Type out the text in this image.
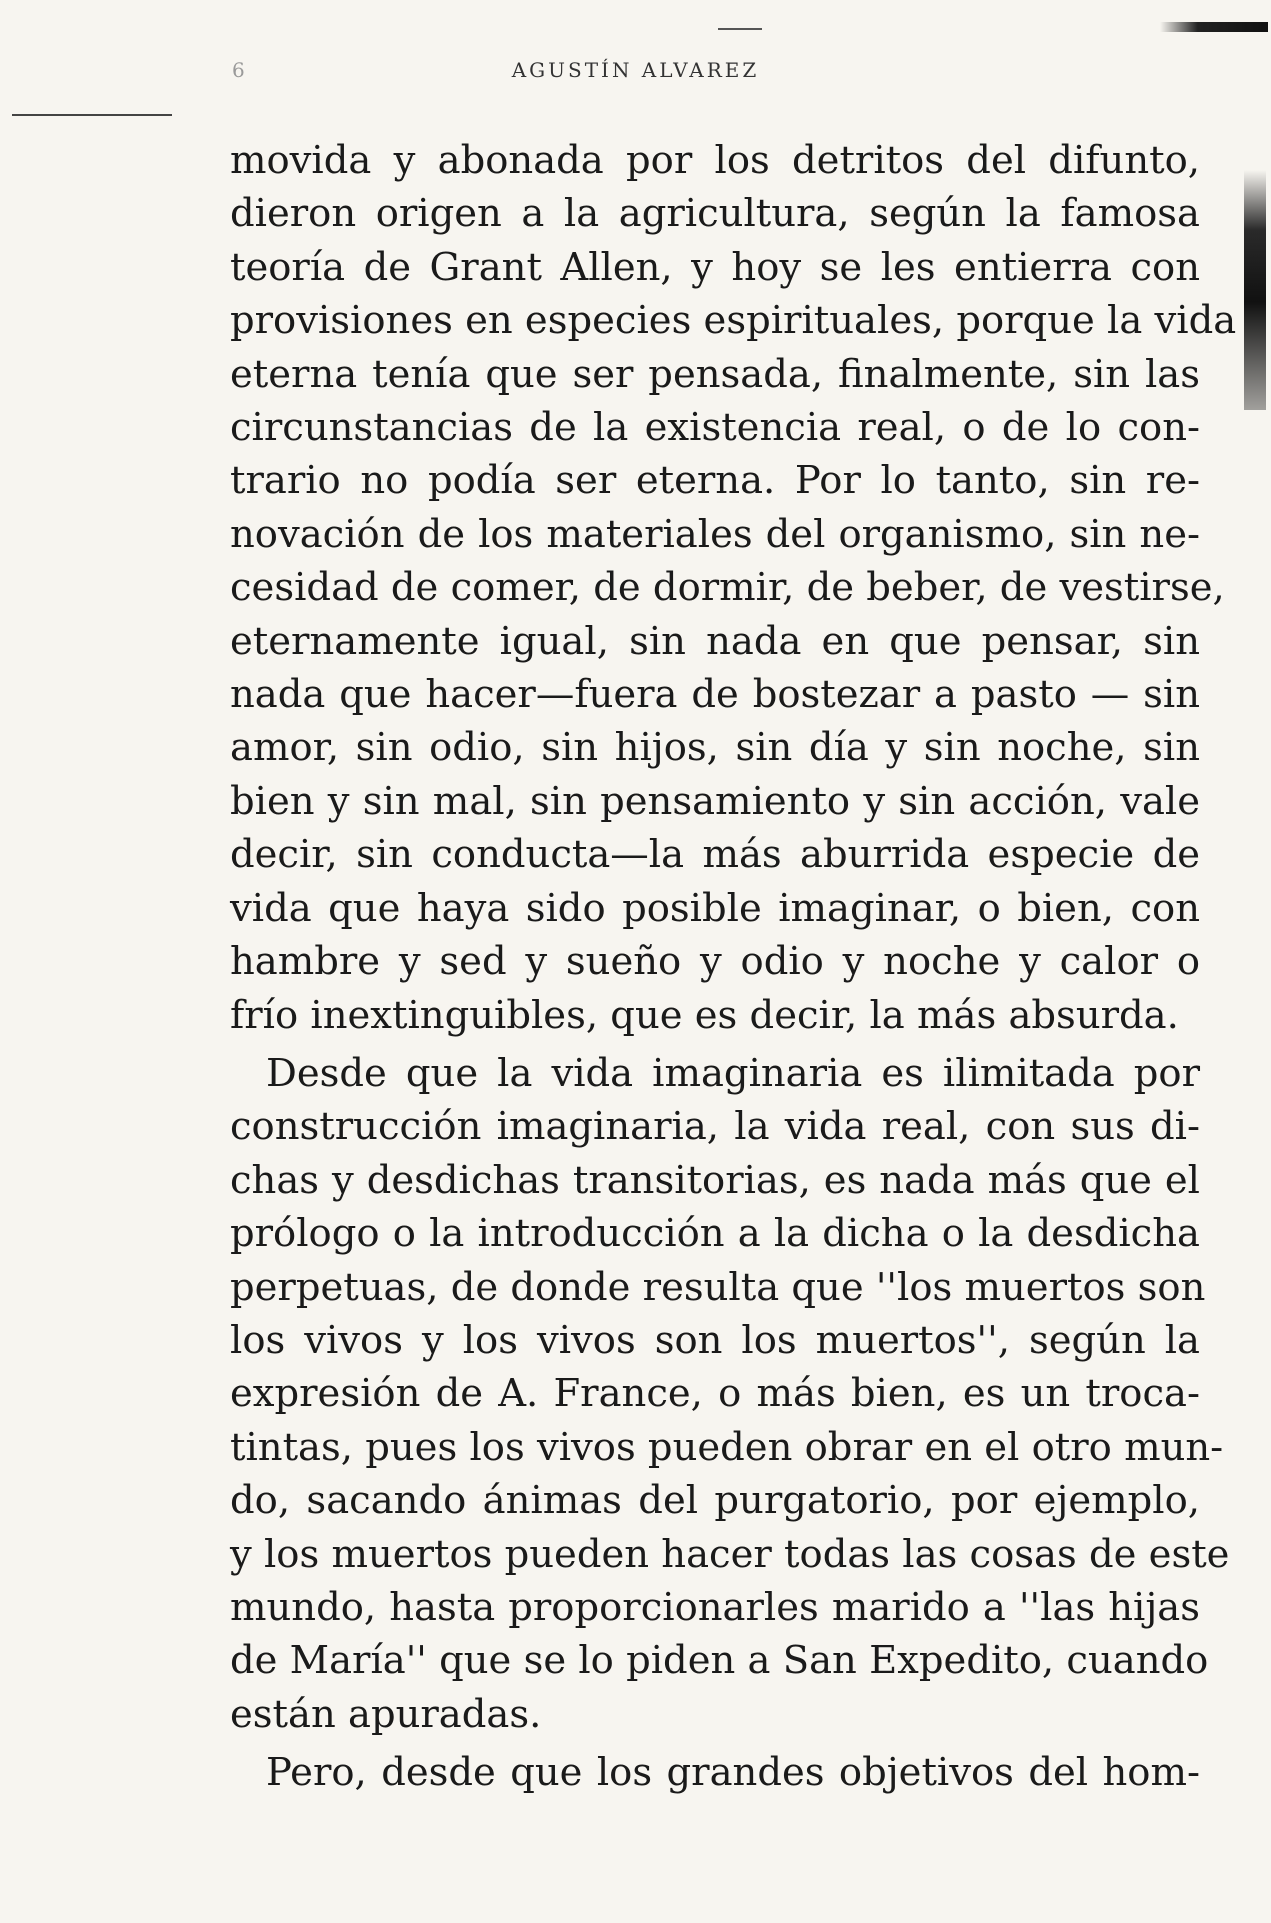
6	AGUSTÍN ALVAREZ
movida y abonada por los detritos del difunto,
dieron origen a la agricultura, según la famosa
teoría de Grant Allen, y hoy se les entierra con
provisiones en especies espirituales, porque la vida
eterna tenía que ser pensada, finalmente, sin las
circunstancias de la existencia real, o de lo con-
trario no podía ser eterna. Por lo tanto, sin re-
novación de los materiales del organismo, sin ne-
cesidad de comer, de dormir, de beber, de vestirse,
eternamente igual, sin nada en que pensar, sin
nada que hacer—fuera de bostezar a pasto — sin
amor, sin odio, sin hijos, sin día y sin noche, sin
bien y sin mal, sin pensamiento y sin acción, vale
decir, sin conducta—la más aburrida especie de
vida que haya sido posible imaginar, o bien, con
hambre y sed y sueño y odio y noche y calor o
frío inextinguibles, que es decir, la más absurda.
Desde que la vida imaginaria es ilimitada por
construcción imaginaria, la vida real, con sus di-
chas y desdichas transitorias, es nada más que el
prólogo o la introducción a la dicha o la desdicha
perpetuas, de donde resulta que ''los muertos son
los vivos y los vivos son los muertos'', según la
expresión de A. France, o más bien, es un troca-
tintas, pues los vivos pueden obrar en el otro mun-
do, sacando ánimas del purgatorio, por ejemplo,
y los muertos pueden hacer todas las cosas de este
mundo, hasta proporcionarles marido a ''las hijas
de María'' que se lo piden a San Expedito, cuando
están apuradas.
Pero, desde que los grandes objetivos del hom-
